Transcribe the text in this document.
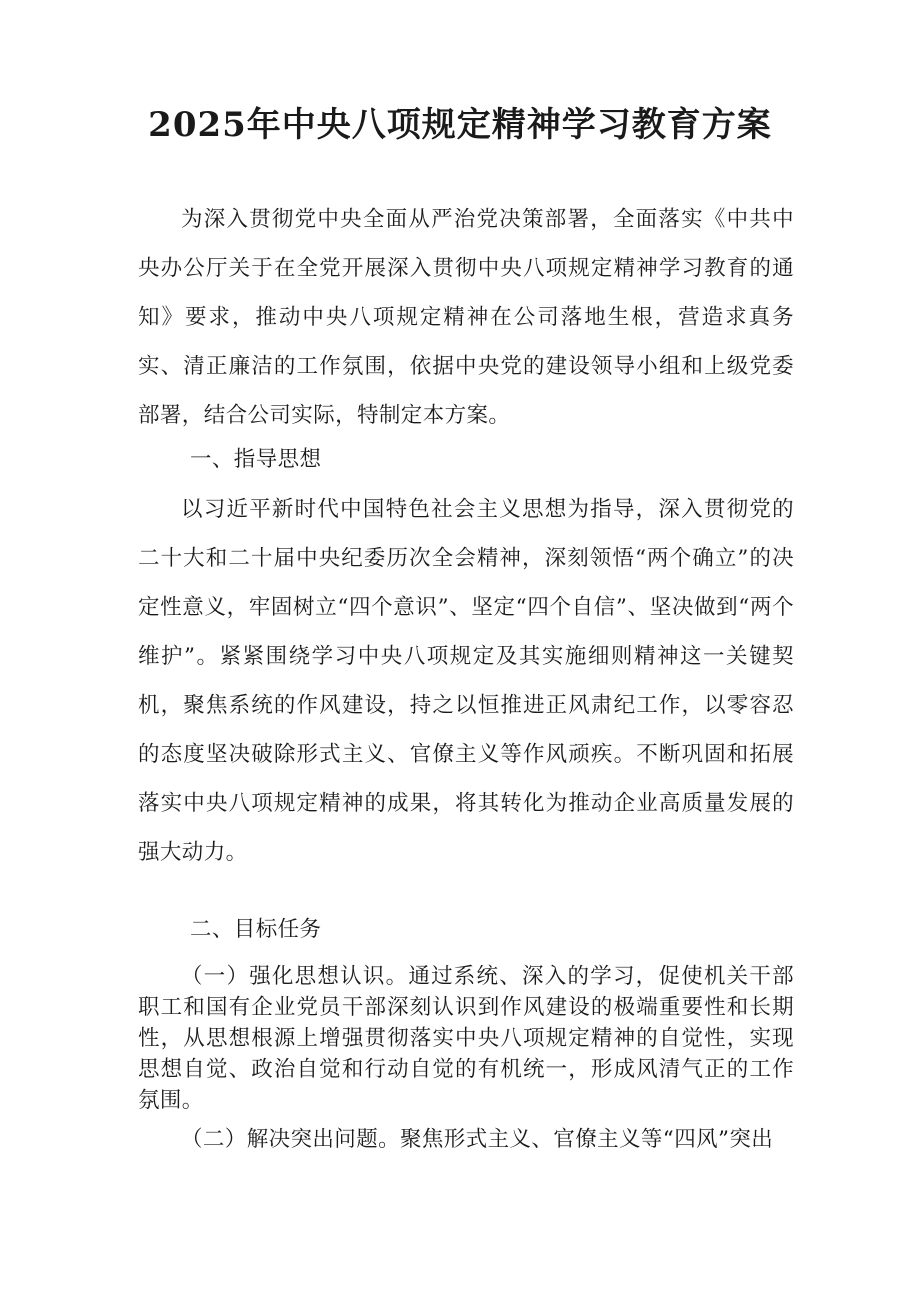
2025年中央八项规定精神学习教育方案

为深入贯彻党中央全面从严治党决策部署，全面落实《中共中央办公厅关于在全党开展深入贯彻中央八项规定精神学习教育的通知》要求，推动中央八项规定精神在公司落地生根，营造求真务实、清正廉洁的工作氛围，依据中央党的建设领导小组和上级党委部署，结合公司实际，特制定本方案。

一、指导思想

以习近平新时代中国特色社会主义思想为指导，深入贯彻党的二十大和二十届中央纪委历次全会精神，深刻领悟“两个确立”的决定性意义，牢固树立“四个意识”、坚定“四个自信”、坚决做到“两个维护”。紧紧围绕学习中央八项规定及其实施细则精神这一关键契机，聚焦系统的作风建设，持之以恒推进正风肃纪工作，以零容忍的态度坚决破除形式主义、官僚主义等作风顽疾。不断巩固和拓展落实中央八项规定精神的成果，将其转化为推动企业高质量发展的强大动力。

二、目标任务

（一）强化思想认识。通过系统、深入的学习，促使机关干部职工和国有企业党员干部深刻认识到作风建设的极端重要性和长期性，从思想根源上增强贯彻落实中央八项规定精神的自觉性，实现思想自觉、政治自觉和行动自觉的有机统一，形成风清气正的工作氛围。

（二）解决突出问题。聚焦形式主义、官僚主义等“四风”突出
